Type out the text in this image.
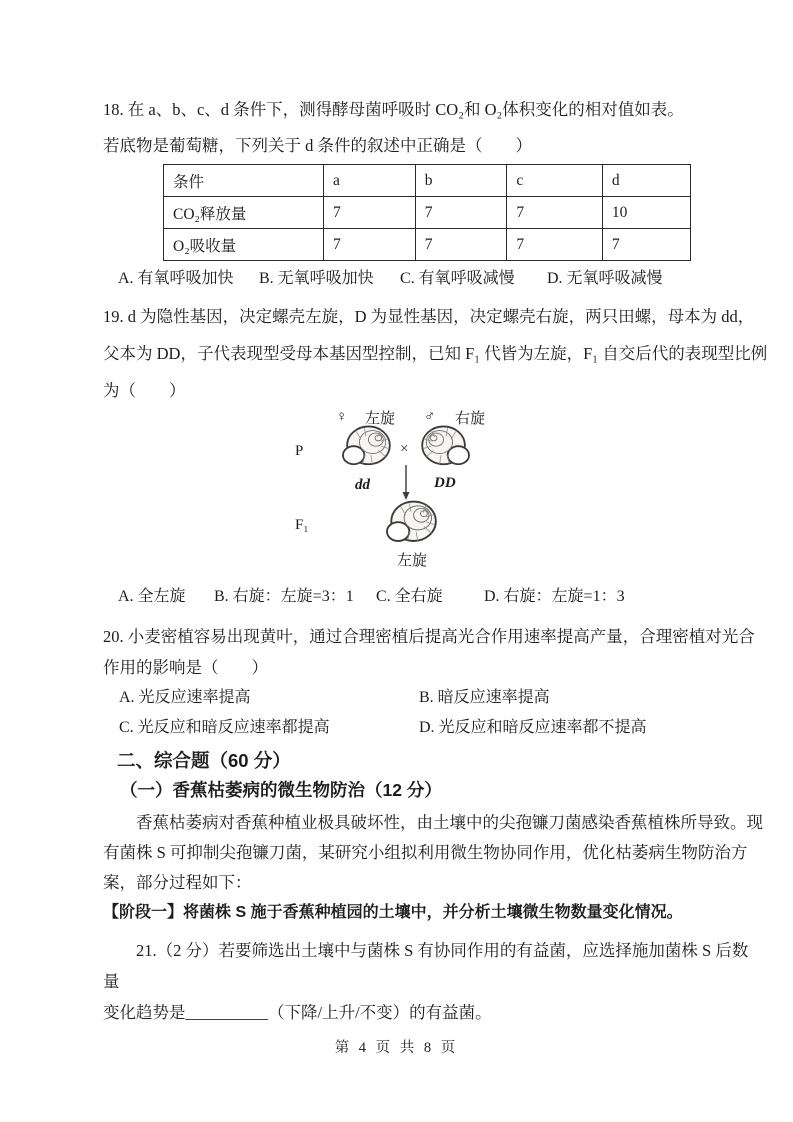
18. 在 a、b、c、d 条件下，测得酵母菌呼吸时 CO₂和 O₂体积变化的相对值如表。
若底物是葡萄糖，下列关于 d 条件的叙述中正确是（　　）
条件	a	b	c	d
CO₂释放量	7	7	7	10
O₂吸收量	7	7	7	7
A. 有氧呼吸加快	B. 无氧呼吸加快	C. 有氧呼吸减慢	D. 无氧呼吸减慢
19. d 为隐性基因，决定螺壳左旋，D 为显性基因，决定螺壳右旋，两只田螺，母本为 dd，
父本为 DD，子代表现型受母本基因型控制，已知 F₁ 代皆为左旋，F₁ 自交后代的表现型比例
为（　　）
P
♀ 左旋
dd
×
♂ 右旋
DD
F₁
左旋
A. 全左旋	B. 右旋：左旋=3：1	C. 全右旋	D. 右旋：左旋=1：3
20. 小麦密植容易出现黄叶，通过合理密植后提高光合作用速率提高产量，合理密植对光合
作用的影响是（　　）
A. 光反应速率提高	B. 暗反应速率提高
C. 光反应和暗反应速率都提高	D. 光反应和暗反应速率都不提高
二、综合题（60 分）
（一）香蕉枯萎病的微生物防治（12 分）
香蕉枯萎病对香蕉种植业极具破坏性，由土壤中的尖孢镰刀菌感染香蕉植株所导致。现
有菌株 S 可抑制尖孢镰刀菌，某研究小组拟利用微生物协同作用，优化枯萎病生物防治方
案，部分过程如下：
【阶段一】将菌株 S 施于香蕉种植园的土壤中，并分析土壤微生物数量变化情况。
21.（2 分）若要筛选出土壤中与菌株 S 有协同作用的有益菌，应选择施加菌株 S 后数
量
变化趋势是__________（下降/上升/不变）的有益菌。
第 4 页 共 8 页
